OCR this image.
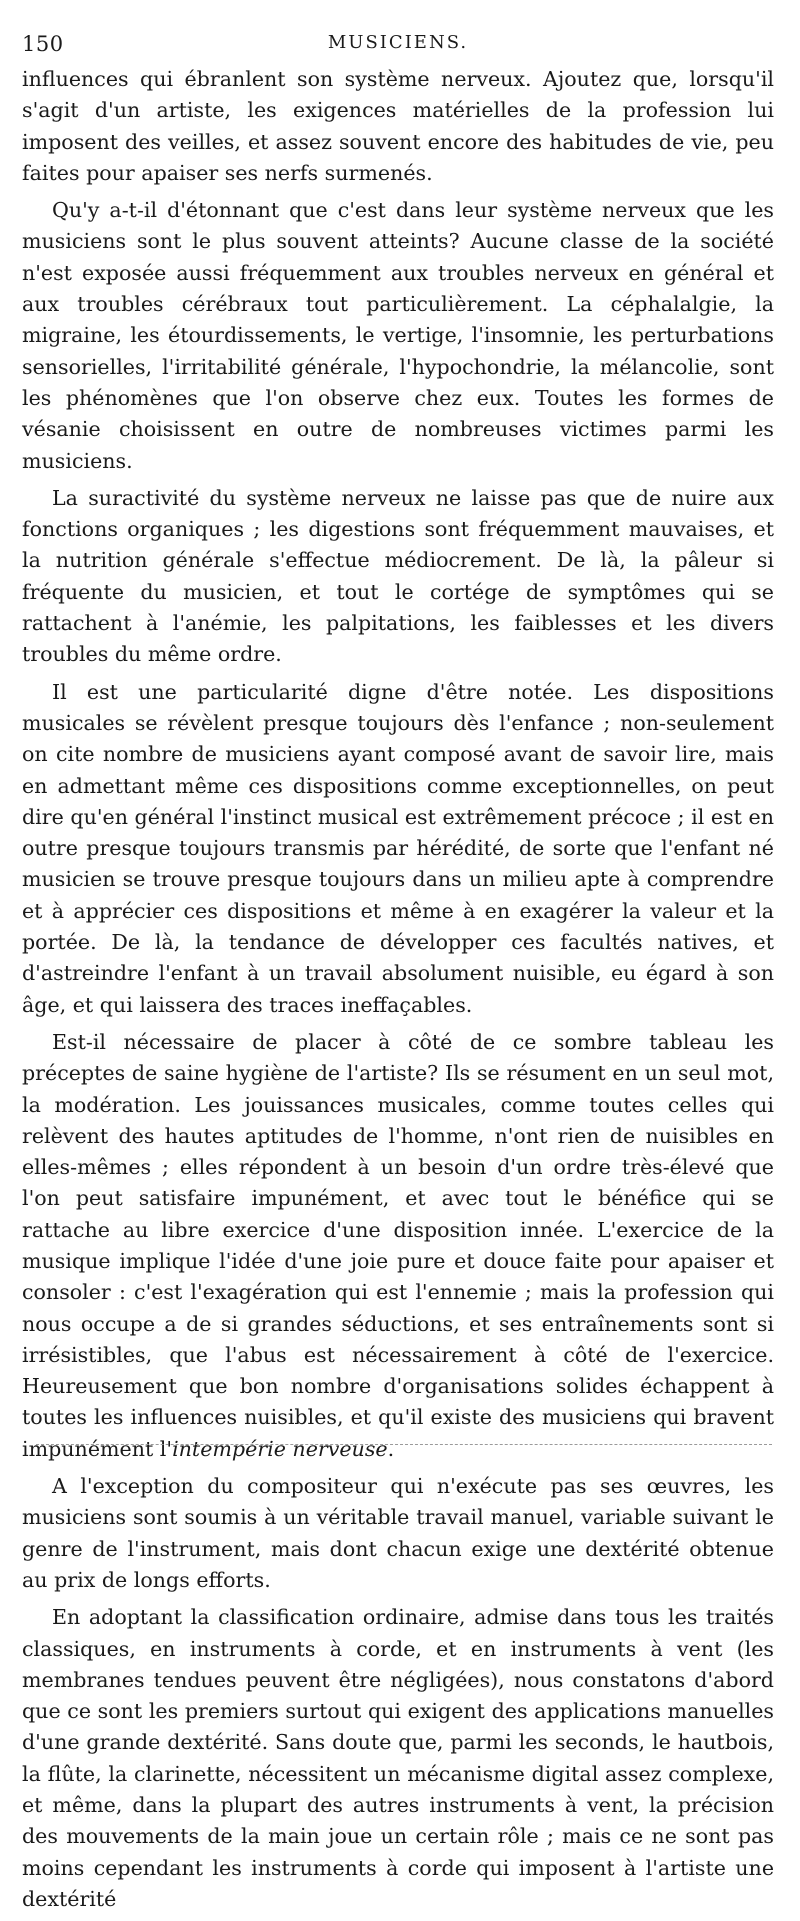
150	MUSICIENS.

influences qui ébranlent son système nerveux. Ajoutez que, lorsqu'il s'agit d'un artiste, les exigences matérielles de la profession lui imposent des veilles, et assez souvent encore des habitudes de vie, peu faites pour apaiser ses nerfs surmenés.

Qu'y a-t-il d'étonnant que c'est dans leur système nerveux que les musiciens sont le plus souvent atteints? Aucune classe de la société n'est exposée aussi fréquemment aux troubles nerveux en général et aux troubles cérébraux tout particulièrement. La céphalalgie, la migraine, les étourdissements, le vertige, l'insomnie, les perturbations sensorielles, l'irritabilité générale, l'hypochondrie, la mélancolie, sont les phénomènes que l'on observe chez eux. Toutes les formes de vésanie choisissent en outre de nombreuses victimes parmi les musiciens.

La suractivité du système nerveux ne laisse pas que de nuire aux fonctions organiques ; les digestions sont fréquemment mauvaises, et la nutrition générale s'effectue médiocrement. De là, la pâleur si fréquente du musicien, et tout le cortége de symptômes qui se rattachent à l'anémie, les palpitations, les faiblesses et les divers troubles du même ordre.

Il est une particularité digne d'être notée. Les dispositions musicales se révèlent presque toujours dès l'enfance ; non-seulement on cite nombre de musiciens ayant composé avant de savoir lire, mais en admettant même ces dispositions comme exceptionnelles, on peut dire qu'en général l'instinct musical est extrêmement précoce ; il est en outre presque toujours transmis par hérédité, de sorte que l'enfant né musicien se trouve presque toujours dans un milieu apte à comprendre et à apprécier ces dispositions et même à en exagérer la valeur et la portée. De là, la tendance de développer ces facultés natives, et d'astreindre l'enfant à un travail absolument nuisible, eu égard à son âge, et qui laissera des traces ineffaçables.

Est-il nécessaire de placer à côté de ce sombre tableau les préceptes de saine hygiène de l'artiste? Ils se résument en un seul mot, la modération. Les jouissances musicales, comme toutes celles qui relèvent des hautes aptitudes de l'homme, n'ont rien de nuisibles en elles-mêmes ; elles répondent à un besoin d'un ordre très-élevé que l'on peut satisfaire impunément, et avec tout le bénéfice qui se rattache au libre exercice d'une disposition innée. L'exercice de la musique implique l'idée d'une joie pure et douce faite pour apaiser et consoler : c'est l'exagération qui est l'ennemie ; mais la profession qui nous occupe a de si grandes séductions, et ses entraînements sont si irrésistibles, que l'abus est nécessairement à côté de l'exercice. Heureusement que bon nombre d'organisations solides échappent à toutes les influences nuisibles, et qu'il existe des musiciens qui bravent impunément l'intempérie nerveuse.

A l'exception du compositeur qui n'exécute pas ses œuvres, les musiciens sont soumis à un véritable travail manuel, variable suivant le genre de l'instrument, mais dont chacun exige une dextérité obtenue au prix de longs efforts.

En adoptant la classification ordinaire, admise dans tous les traités classiques, en instruments à corde, et en instruments à vent (les membranes tendues peuvent être négligées), nous constatons d'abord que ce sont les premiers surtout qui exigent des applications manuelles d'une grande dextérité. Sans doute que, parmi les seconds, le hautbois, la flûte, la clarinette, nécessitent un mécanisme digital assez complexe, et même, dans la plupart des autres instruments à vent, la précision des mouvements de la main joue un certain rôle ; mais ce ne sont pas moins cependant les instruments à corde qui imposent à l'artiste une dextérité
